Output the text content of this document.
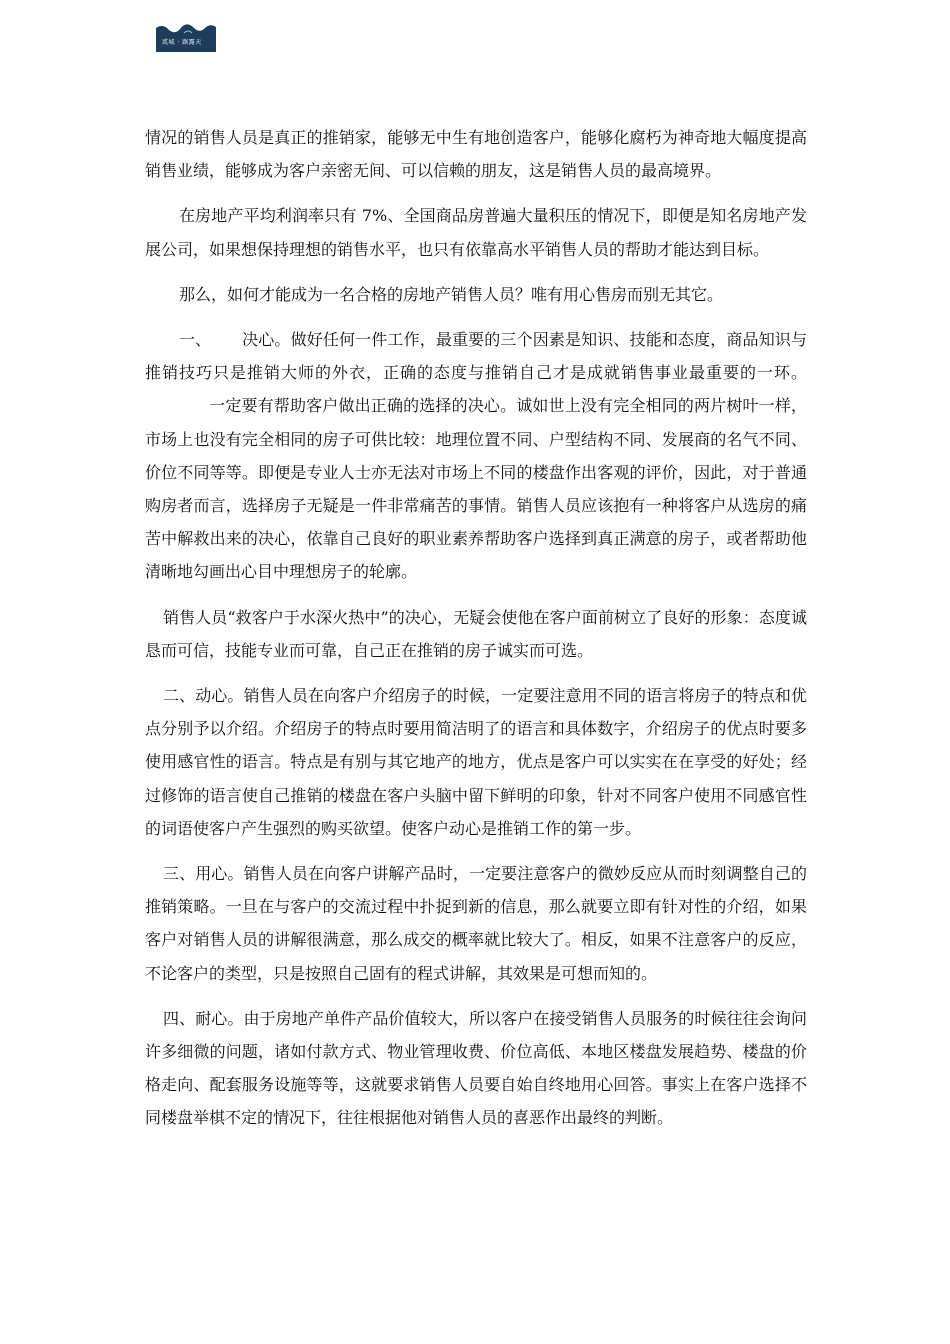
贰城 · 踞露天

情况的销售人员是真正的推销家，能够无中生有地创造客户，能够化腐朽为神奇地大幅度提高销售业绩，能够成为客户亲密无间、可以信赖的朋友，这是销售人员的最高境界。

在房地产平均利润率只有 7%、全国商品房普遍大量积压的情况下，即便是知名房地产发展公司，如果想保持理想的销售水平，也只有依靠高水平销售人员的帮助才能达到目标。

那么，如何才能成为一名合格的房地产销售人员？唯有用心售房而别无其它。

一、 决心。做好任何一件工作，最重要的三个因素是知识、技能和态度，商品知识与推销技巧只是推销大师的外衣，正确的态度与推销自己才是成就销售事业最重要的一环。一定要有帮助客户做出正确的选择的决心。诚如世上没有完全相同的两片树叶一样，市场上也没有完全相同的房子可供比较：地理位置不同、户型结构不同、发展商的名气不同、价位不同等等。即便是专业人士亦无法对市场上不同的楼盘作出客观的评价，因此，对于普通购房者而言，选择房子无疑是一件非常痛苦的事情。销售人员应该抱有一种将客户从选房的痛苦中解救出来的决心，依靠自己良好的职业素养帮助客户选择到真正满意的房子，或者帮助他清晰地勾画出心目中理想房子的轮廓。

销售人员“救客户于水深火热中”的决心，无疑会使他在客户面前树立了良好的形象：态度诚恳而可信，技能专业而可靠，自己正在推销的房子诚实而可选。

二、动心。销售人员在向客户介绍房子的时候，一定要注意用不同的语言将房子的特点和优点分别予以介绍。介绍房子的特点时要用简洁明了的语言和具体数字，介绍房子的优点时要多使用感官性的语言。特点是有别与其它地产的地方，优点是客户可以实实在在享受的好处；经过修饰的语言使自己推销的楼盘在客户头脑中留下鲜明的印象，针对不同客户使用不同感官性的词语使客户产生强烈的购买欲望。使客户动心是推销工作的第一步。

三、用心。销售人员在向客户讲解产品时，一定要注意客户的微妙反应从而时刻调整自己的推销策略。一旦在与客户的交流过程中扑捉到新的信息，那么就要立即有针对性的介绍，如果客户对销售人员的讲解很满意，那么成交的概率就比较大了。相反，如果不注意客户的反应，不论客户的类型，只是按照自己固有的程式讲解，其效果是可想而知的。

四、耐心。由于房地产单件产品价值较大，所以客户在接受销售人员服务的时候往往会询问许多细微的问题，诸如付款方式、物业管理收费、价位高低、本地区楼盘发展趋势、楼盘的价格走向、配套服务设施等等，这就要求销售人员要自始自终地用心回答。事实上在客户选择不同楼盘举棋不定的情况下，往往根据他对销售人员的喜恶作出最终的判断。
